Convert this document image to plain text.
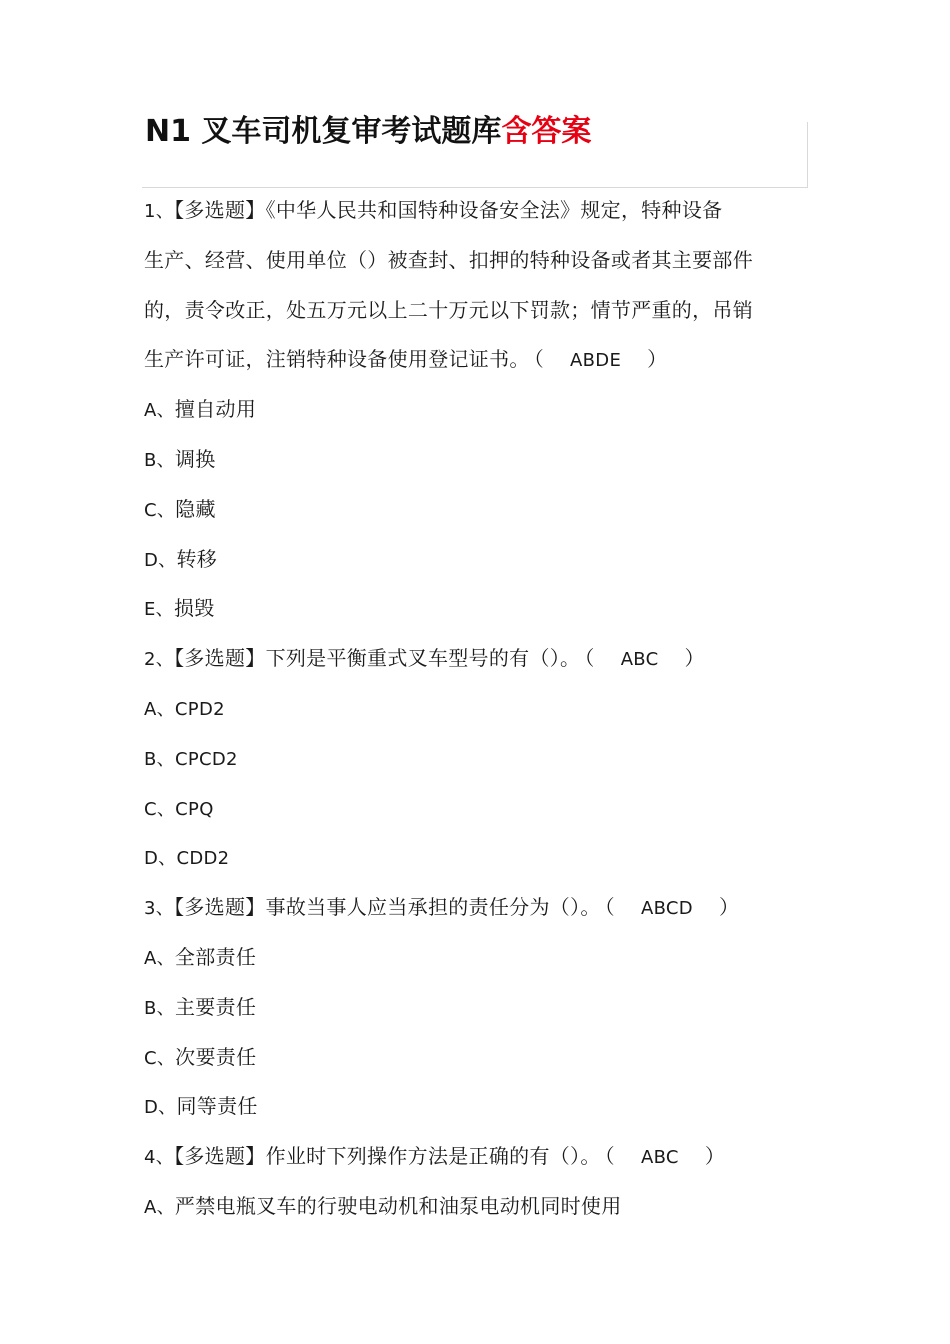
N1 叉车司机复审考试题库含答案
1、【多选题】《中华人民共和国特种设备安全法》规定，特种设备
生产、经营、使用单位（）被查封、扣押的特种设备或者其主要部件
的，责令改正，处五万元以上二十万元以下罚款；情节严重的，吊销
生产许可证，注销特种设备使用登记证书。 （ ABDE ）
A、擅自动用
B、调换
C、隐藏
D、转移
E、损毁
2、【多选题】下列是平衡重式叉车型号的有（）。 （ ABC ）
A、CPD2
B、CPCD2
C、CPQ
D、CDD2
3、【多选题】事故当事人应当承担的责任分为（）。 （ ABCD ）
A、全部责任
B、主要责任
C、次要责任
D、同等责任
4、【多选题】作业时下列操作方法是正确的有（）。 （ ABC ）
A、严禁电瓶叉车的行驶电动机和油泵电动机同时使用
